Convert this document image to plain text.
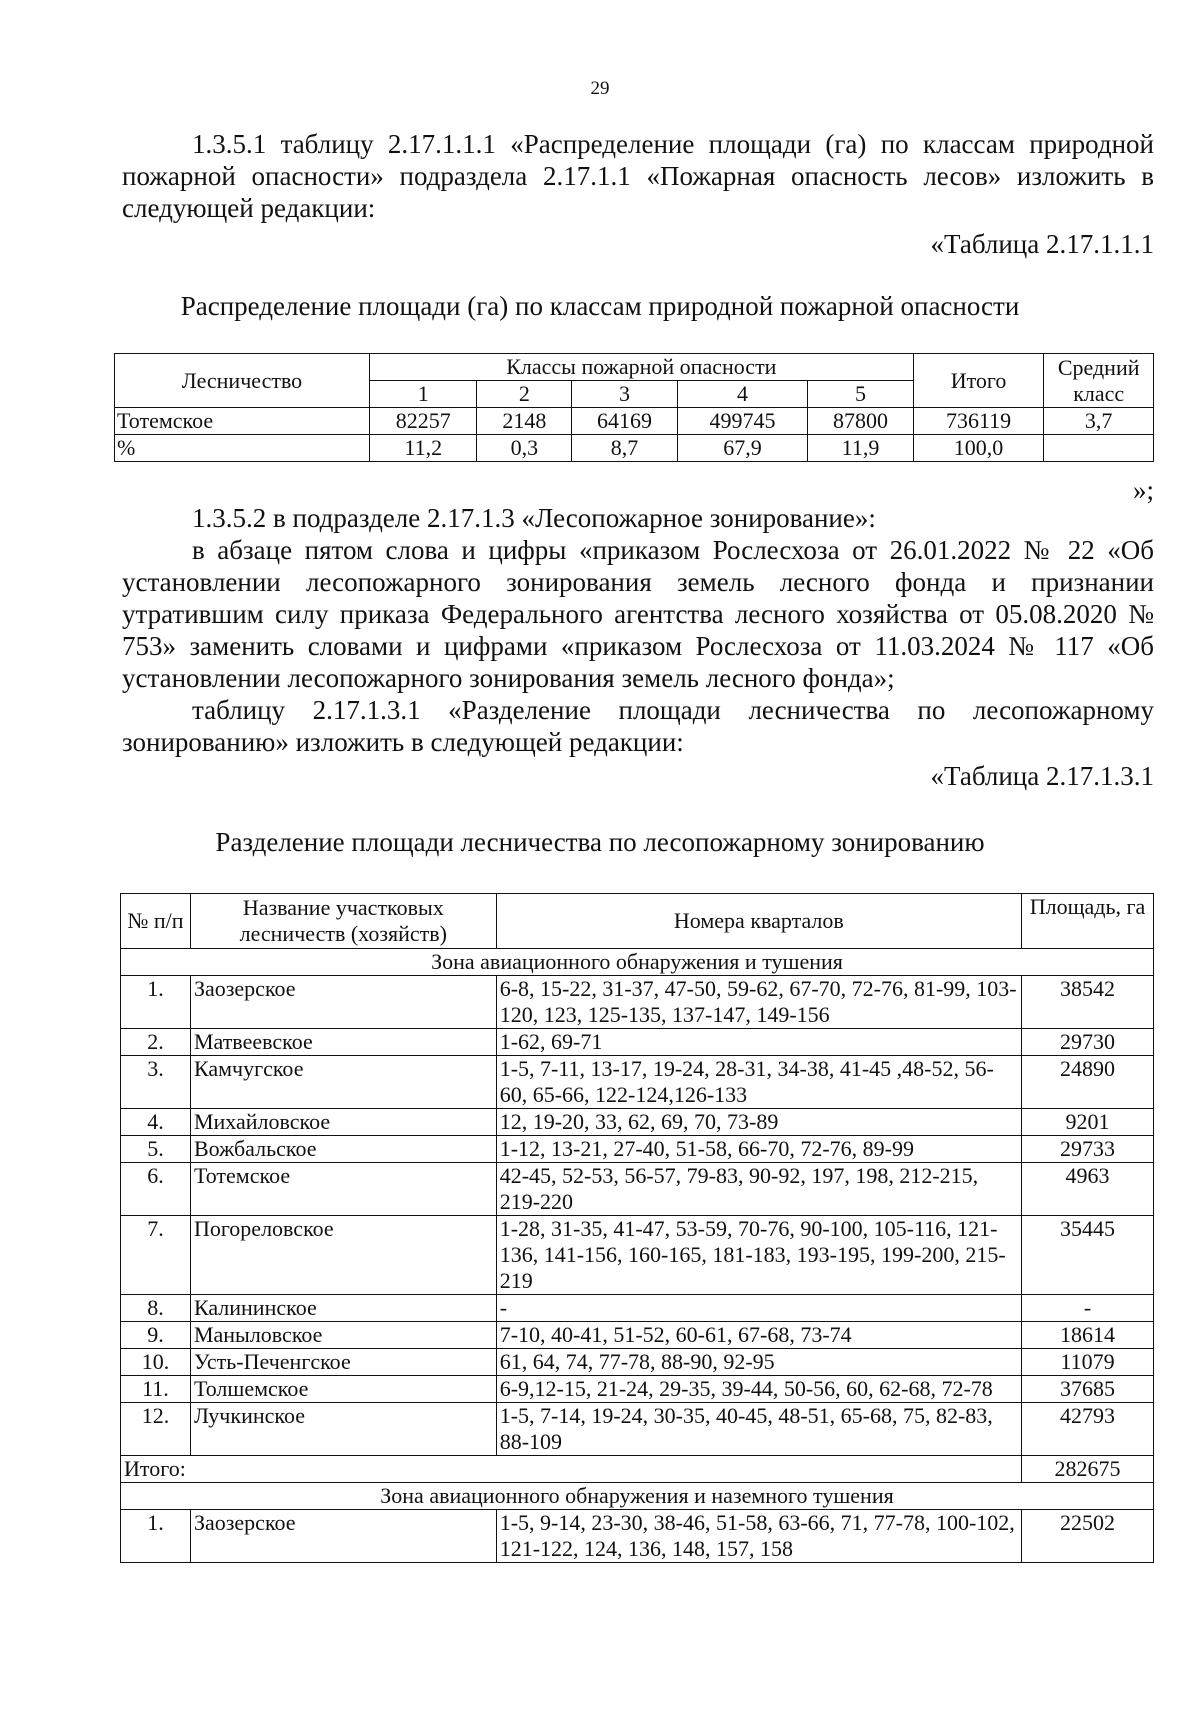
29

1.3.5.1 таблицу 2.17.1.1.1 «Распределение площади (га) по классам природной пожарной опасности» подраздела 2.17.1.1 «Пожарная опасность лесов» изложить в следующей редакции:

«Таблица 2.17.1.1.1
Распределение площади (га) по классам природной пожарной опасности
Лесничество	Классы пожарной опасности					Итого	Средний класс
	1	2	3	4	5		
Тотемское	82257	2148	64169	499745	87800	736119	3,7
%	11,2	0,3	8,7	67,9	11,9	100,0	
»;

1.3.5.2 в подразделе 2.17.1.3 «Лесопожарное зонирование»:

в абзаце пятом слова и цифры «приказом Рослесхоза от 26.01.2022 № 22 «Об установлении лесопожарного зонирования земель лесного фонда и признании утратившим силу приказа Федерального агентства лесного хозяйства от 05.08.2020 № 753» заменить словами и цифрами «приказом Рослесхоза от 11.03.2024 № 117 «Об установлении лесопожарного зонирования земель лесного фонда»;

таблицу 2.17.1.3.1 «Разделение площади лесничества по лесопожарному зонированию» изложить в следующей редакции:

«Таблица 2.17.1.3.1
Разделение площади лесничества по лесопожарному зонированию
№ п/п	Название участковых лесничеств (хозяйств)	Номера кварталов	Площадь, га
Зона авиационного обнаружения и тушения			
1.	Заозерское	6-8, 15-22, 31-37, 47-50, 59-62, 67-70, 72-76, 81-99, 103-120, 123, 125-135, 137-147, 149-156	38542
2.	Матвеевское	1-62, 69-71	29730
3.	Камчугское	1-5, 7-11, 13-17, 19-24, 28-31, 34-38, 41-45 ,48-52, 56-60, 65-66, 122-124,126-133	24890
4.	Михайловское	12, 19-20, 33, 62, 69, 70, 73-89	9201
5.	Вожбальское	1-12, 13-21, 27-40, 51-58, 66-70, 72-76, 89-99	29733
6.	Тотемское	42-45, 52-53, 56-57, 79-83, 90-92, 197, 198, 212-215, 219-220	4963
7.	Погореловское	1-28, 31-35, 41-47, 53-59, 70-76, 90-100, 105-116, 121-136, 141-156, 160-165, 181-183, 193-195, 199-200, 215-219	35445
8.	Калининское	-	-
9.	Маныловское	7-10, 40-41, 51-52, 60-61, 67-68, 73-74	18614
10.	Усть-Печенгское	61, 64, 74, 77-78, 88-90, 92-95	11079
11.	Толшемское	6-9,12-15, 21-24, 29-35, 39-44, 50-56, 60, 62-68, 72-78	37685
12.	Лучкинское	1-5, 7-14, 19-24, 30-35, 40-45, 48-51, 65-68, 75, 82-83, 88-109	42793
Итого:			282675
Зона авиационного обнаружения и наземного тушения			
1.	Заозерское	1-5, 9-14, 23-30, 38-46, 51-58, 63-66, 71, 77-78, 100-102, 121-122, 124, 136, 148, 157, 158	22502
